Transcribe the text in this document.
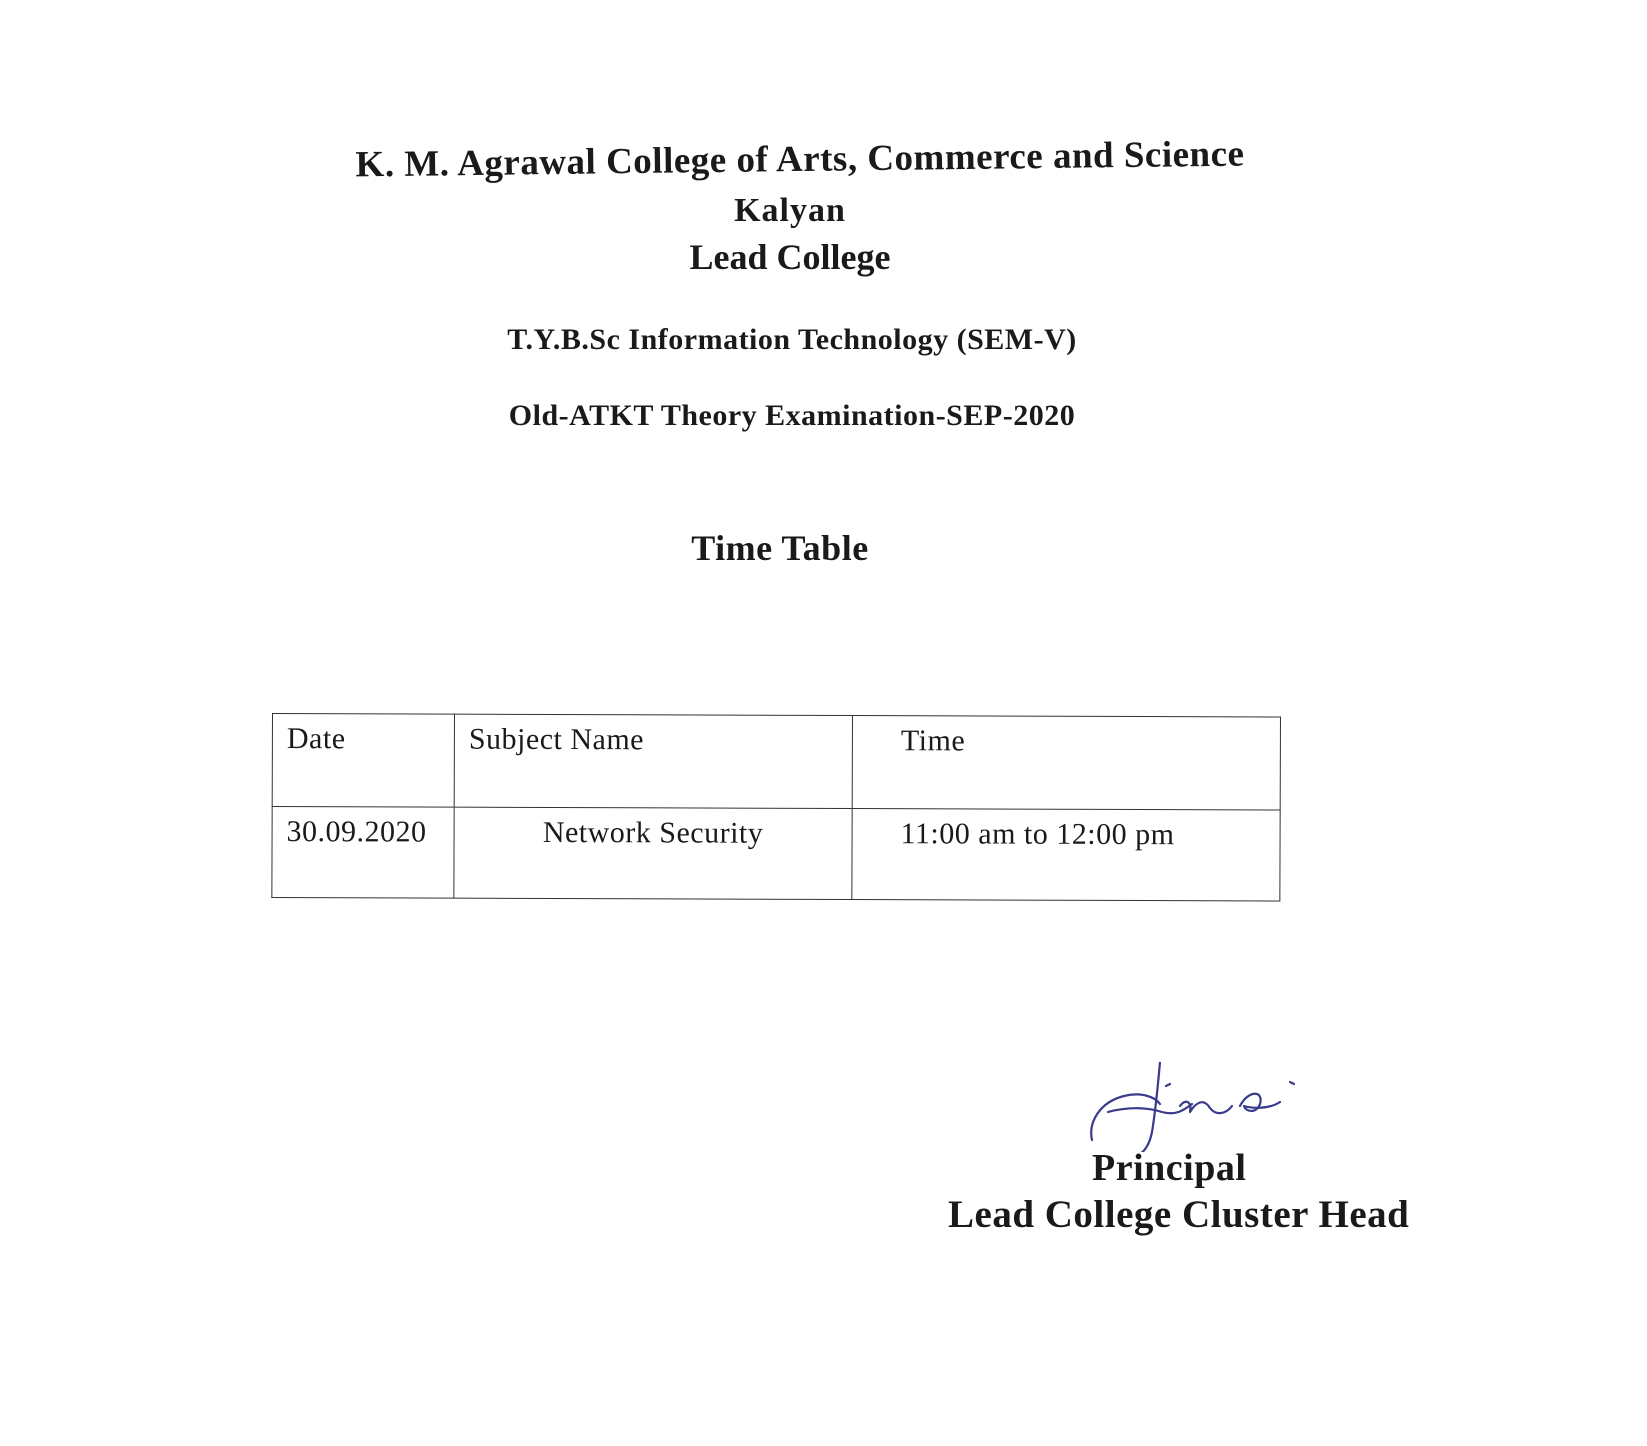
K. M. Agrawal College of Arts, Commerce and Science
Kalyan
Lead College
T.Y.B.Sc Information Technology (SEM-V)
Old-ATKT Theory Examination-SEP-2020
Time Table
Date	Subject Name	Time
30.09.2020	Network Security	11:00 am to 12:00 pm
Principal
Lead College Cluster Head
